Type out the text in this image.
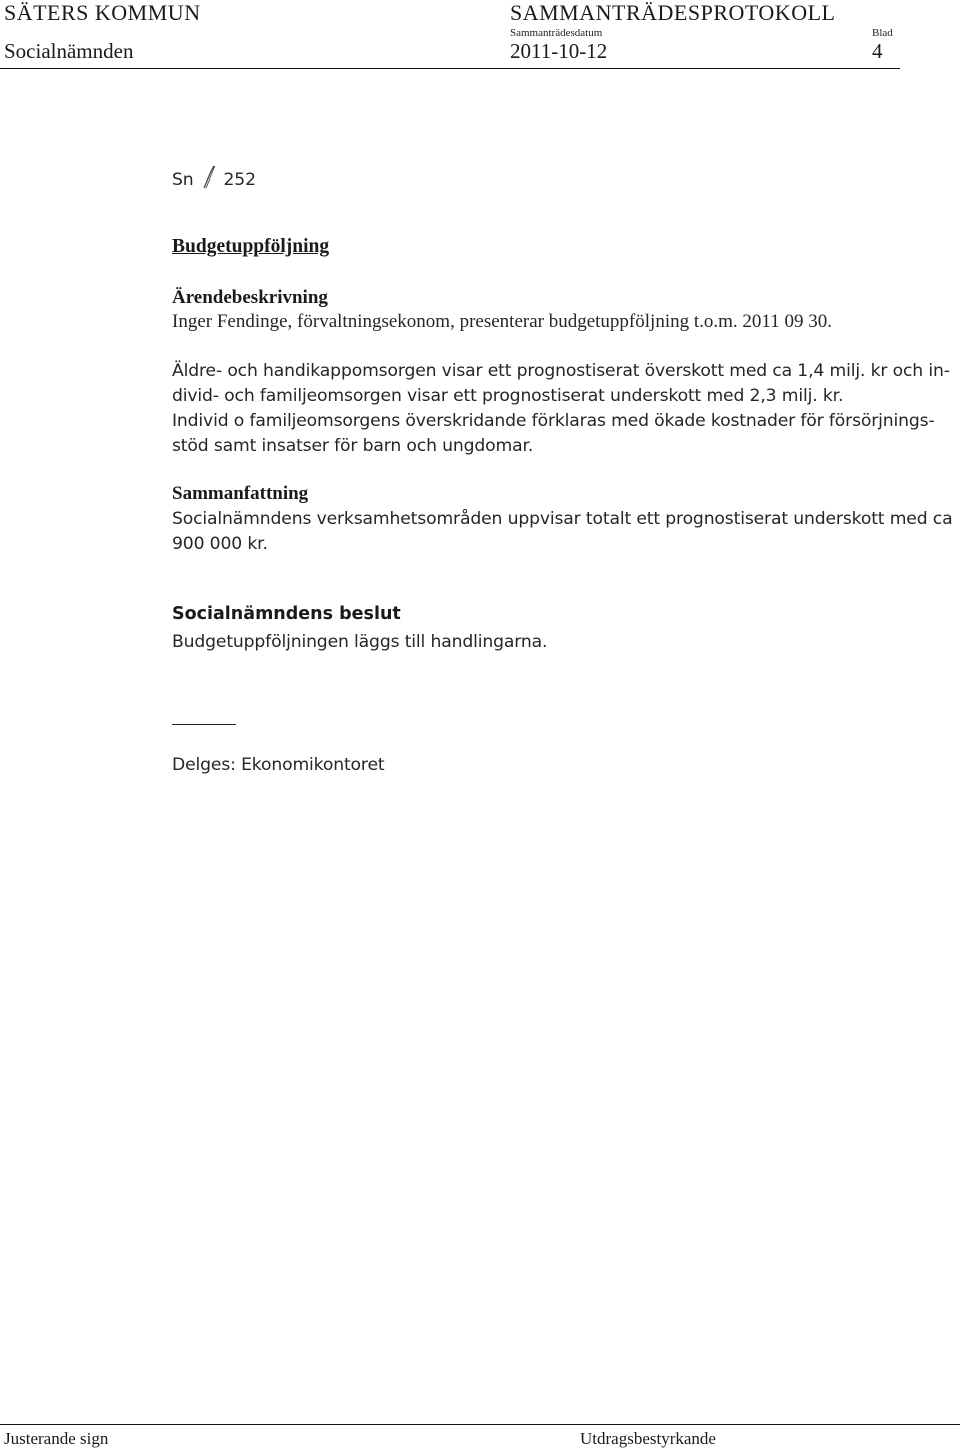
SÄTERS KOMMUN	SAMMANTRÄDESPROTOKOLL
Sammanträdesdatum	Blad
Socialnämnden	2011-10-12	4
Sn 252
Budgetuppföljning
Ärendebeskrivning
Inger Fendinge, förvaltningsekonom, presenterar budgetuppföljning t.o.m. 2011 09 30.
Äldre- och handikappomsorgen visar ett prognostiserat överskott med ca 1,4 milj. kr och in-
divid- och familjeomsorgen visar ett prognostiserat underskott med 2,3 milj. kr.
Individ o familjeomsorgens överskridande förklaras med ökade kostnader för försörjnings-
stöd samt insatser för barn och ungdomar.
Sammanfattning
Socialnämndens verksamhetsområden uppvisar totalt ett prognostiserat underskott med ca
900 000 kr.
Socialnämndens beslut
Budgetuppföljningen läggs till handlingarna.
Delges: Ekonomikontoret
Justerande sign	Utdragsbestyrkande
